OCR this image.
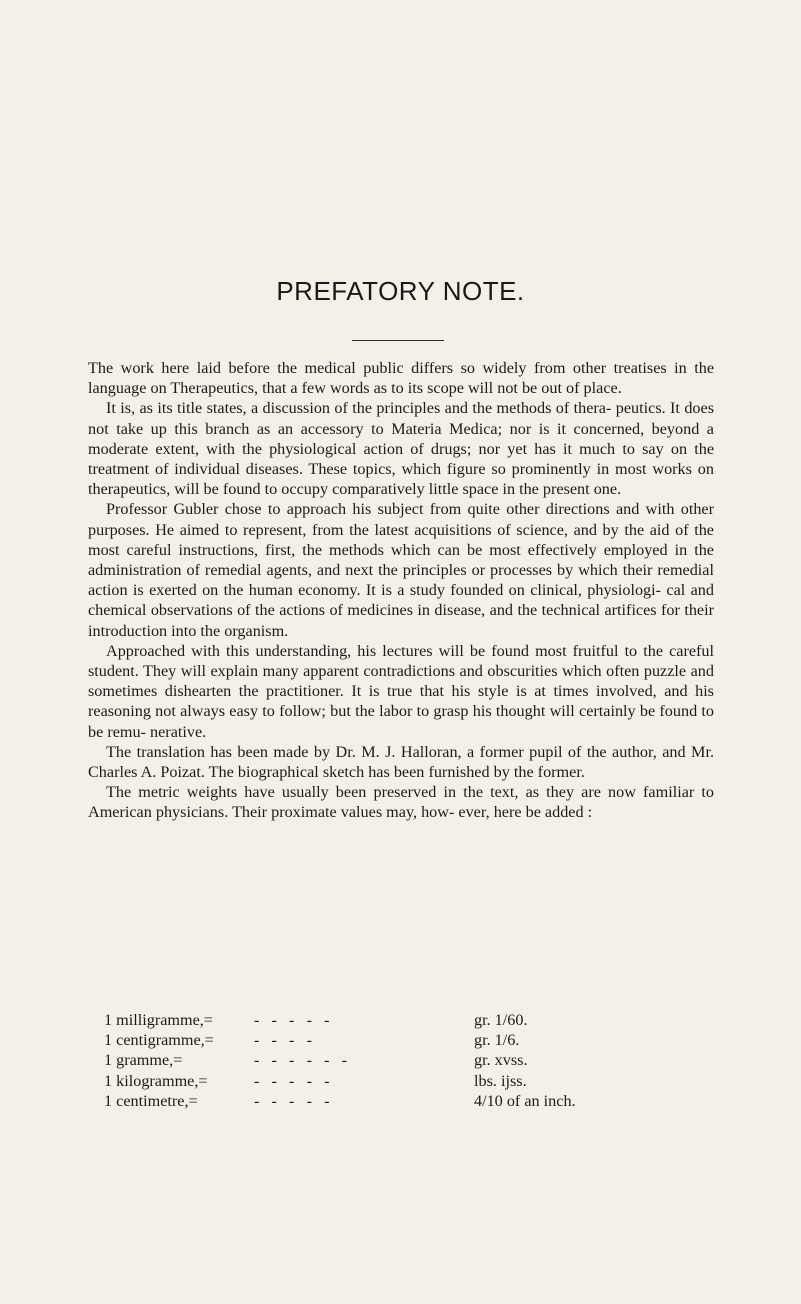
PREFATORY NOTE.

The work here laid before the medical public differs so widely from other treatises in the language on Therapeutics, that a few words as to its scope will not be out of place.

It is, as its title states, a discussion of the principles and the methods of thera- peutics. It does not take up this branch as an accessory to Materia Medica; nor is it concerned, beyond a moderate extent, with the physiological action of drugs; nor yet has it much to say on the treatment of individual diseases. These topics, which figure so prominently in most works on therapeutics, will be found to occupy comparatively little space in the present one.

Professor Gubler chose to approach his subject from quite other directions and with other purposes. He aimed to represent, from the latest acquisitions of science, and by the aid of the most careful instructions, first, the methods which can be most effectively employed in the administration of remedial agents, and next the principles or processes by which their remedial action is exerted on the human economy. It is a study founded on clinical, physiologi- cal and chemical observations of the actions of medicines in disease, and the technical artifices for their introduction into the organism.

Approached with this understanding, his lectures will be found most fruitful to the careful student. They will explain many apparent contradictions and obscurities which often puzzle and sometimes dishearten the practitioner. It is true that his style is at times involved, and his reasoning not always easy to follow; but the labor to grasp his thought will certainly be found to be remu- nerative.

The translation has been made by Dr. M. J. Halloran, a former pupil of the author, and Mr. Charles A. Poizat. The biographical sketch has been furnished by the former.

The metric weights have usually been preserved in the text, as they are now familiar to American physicians. Their proximate values may, how- ever, here be added :

1 milligramme,=	-   -   -   -   -	gr. 1/60.
1 centigramme,=	-   -   -   -	gr. 1/6.
1 gramme,=	-   -   -   -   -   -	gr. xvss.
1 kilogramme,=	-   -   -   -   -	lbs. ijss.
1 centimetre,=	-   -   -   -   -	4/10 of an inch.
